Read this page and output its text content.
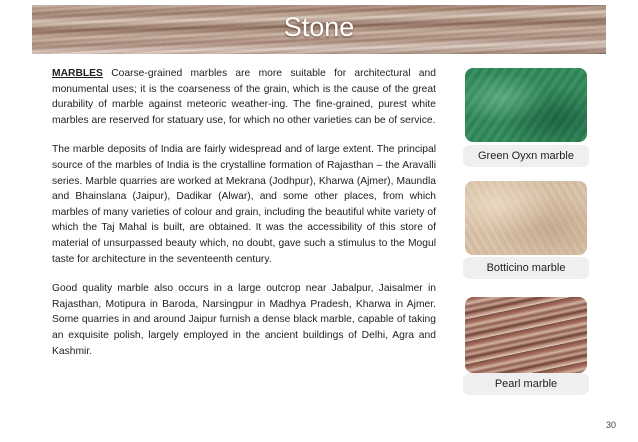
Stone

MARBLES Coarse-grained marbles are more suitable for architectural and monumental uses; it is the coarseness of the grain, which is the cause of the great durability of marble against meteoric weather-ing. The fine-grained, purest white marbles are reserved for statuary use, for which no other varieties can be of service.

The marble deposits of India are fairly widespread and of large extent. The principal source of the marbles of India is the crystalline formation of Rajasthan – the Aravalli series. Marble quarries are worked at Mekrana (Jodhpur), Kharwa (Ajmer), Maundla and Bhainslana (Jaipur), Dadikar (Alwar), and some other places, from which marbles of many varieties of colour and grain, including the beautiful white variety of which the Taj Mahal is built, are obtained. It was the accessibility of this store of material of unsurpassed beauty which, no doubt, gave such a stimulus to the Mogul taste for architecture in the seventeenth century.

Good quality marble also occurs in a large outcrop near Jabalpur, Jaisalmer in Rajasthan, Motipura in Baroda, Narsingpur in Madhya Pradesh, Kharwa in Ajmer. Some quarries in and around Jaipur furnish a dense black marble, capable of taking an exquisite polish, largely employed in the ancient buildings of Delhi, Agra and Kashmir.

Green Oyxn marble
Botticino marble
Pearl marble
30
